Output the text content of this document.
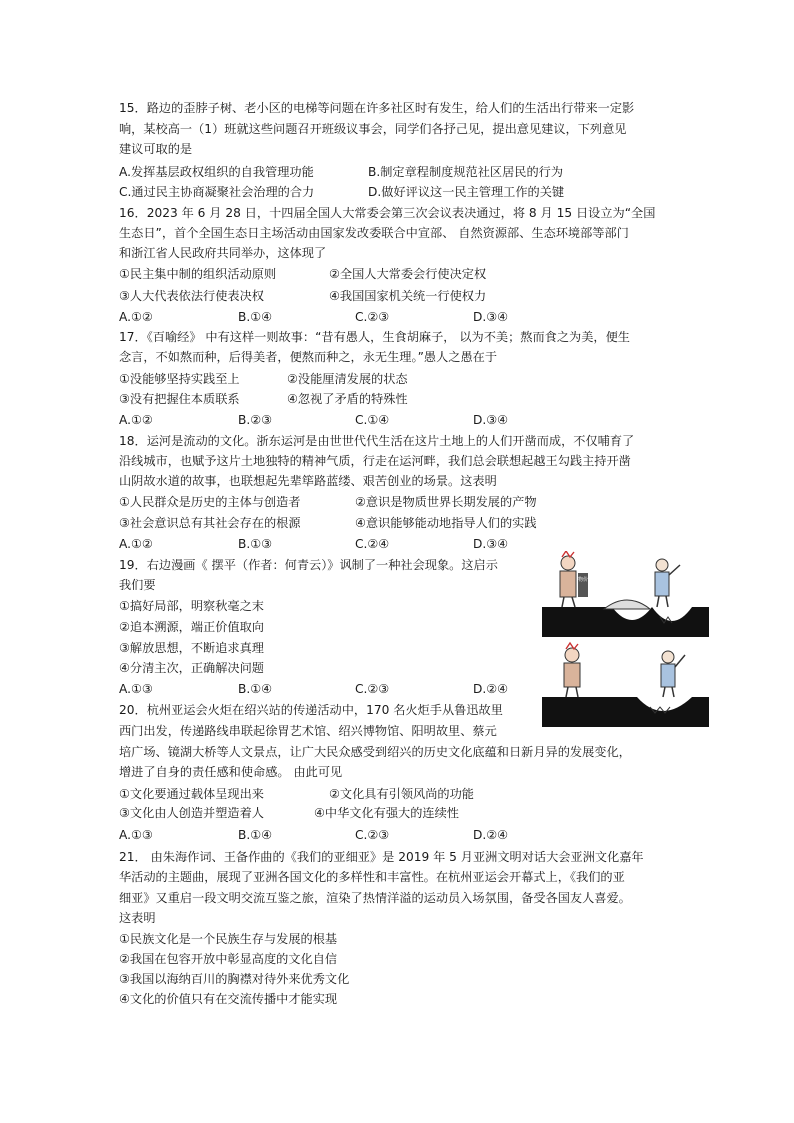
15．路边的歪脖子树、老小区的电梯等问题在许多社区时有发生，给人们的生活出行带来一定影
响，某校高一（1）班就这些问题召开班级议事会，同学们各抒己见，提出意见建议，下列意见
建议可取的是
A.发挥基层政权组织的自我管理功能	B.制定章程制度规范社区居民的行为
C.通过民主协商凝聚社会治理的合力	D.做好评议这一民主管理工作的关键
16．2023 年 6 月 28 日，十四届全国人大常委会第三次会议表决通过，将 8 月 15 日设立为“全国
生态日”，首个全国生态日主场活动由国家发改委联合中宣部、 自然资源部、生态环境部等部门
和浙江省人民政府共同举办，这体现了
①民主集中制的组织活动原则	②全国人大常委会行使决定权
③人大代表依法行使表决权	④我国国家机关统一行使权力
A.①②	B.①④	C.②③	D.③④
17．《百喻经》 中有这样一则故事：“昔有愚人，生食胡麻子， 以为不美；熬而食之为美，便生
念言，不如熬而种，后得美者，便熬而种之，永无生理。”愚人之愚在于
①没能够坚持实践至上	②没能厘清发展的状态
③没有把握住本质联系	④忽视了矛盾的特殊性
A.①②	B.②③	C.①④	D.③④
18．运河是流动的文化。浙东运河是由世世代代生活在这片土地上的人们开凿而成，不仅哺育了
沿线城市，也赋予这片土地独特的精神气质，行走在运河畔，我们总会联想起越王勾践主持开凿
山阴故水道的故事，也联想起先辈筚路蓝缕、艰苦创业的场景。这表明
①人民群众是历史的主体与创造者	②意识是物质世界长期发展的产物
③社会意识总有其社会存在的根源	④意识能够能动地指导人们的实践
A.①②	B.①③	C.②④	D.③④
19．右边漫画《 摆平（作者：何青云）》讽制了一种社会现象。这启示
我们要
①搞好局部，明察秋毫之末
②追本溯源，端正价值取向
③解放思想，不断追求真理
④分清主次，正确解决问题
A.①③	B.①④	C.②③	D.②④
物价
20．杭州亚运会火炬在绍兴站的传递活动中，170 名火炬手从鲁迅故里
西门出发，传递路线串联起徐胃艺术馆、绍兴博物馆、阳明故里、蔡元
培广场、镜湖大桥等人文景点，让广大民众感受到绍兴的历史文化底蕴和日新月异的发展变化，
增进了自身的责任感和使命感。 由此可见
①文化要通过载体呈现出来	②文化具有引领风尚的功能
③文化由人创造并塑造着人	④中华文化有强大的连续性
A.①③	B.①④	C.②③	D.②④
21． 由朱海作词、王备作曲的《我们的亚细亚》是 2019 年 5 月亚洲文明对话大会亚洲文化嘉年
华活动的主题曲，展现了亚洲各国文化的多样性和丰富性。在杭州亚运会开幕式上，《我们的亚
细亚》又重启一段文明交流互鉴之旅，渲染了热情洋溢的运动员入场氛围，备受各国友人喜爱。
这表明
①民族文化是一个民族生存与发展的根基
②我国在包容开放中彰显高度的文化自信
③我国以海纳百川的胸襟对待外来优秀文化
④文化的价值只有在交流传播中才能实现
